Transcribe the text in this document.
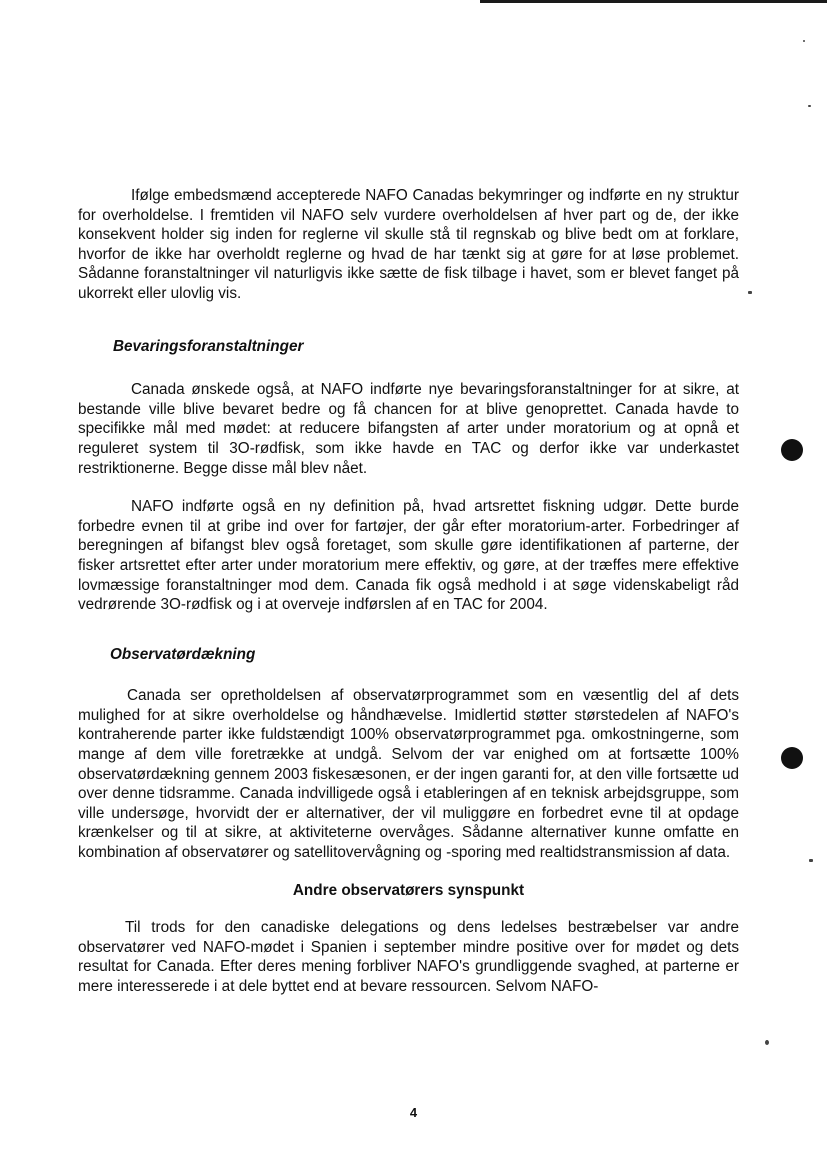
Ifølge embedsmænd accepterede NAFO Canadas bekymringer og indførte en ny struktur for overholdelse. I fremtiden vil NAFO selv vurdere overholdelsen af hver part og de, der ikke konsekvent holder sig inden for reglerne vil skulle stå til regnskab og blive bedt om at forklare, hvorfor de ikke har overholdt reglerne og hvad de har tænkt sig at gøre for at løse problemet. Sådanne foranstaltninger vil naturligvis ikke sætte de fisk tilbage i havet, som er blevet fanget på ukorrekt eller ulovlig vis.

Bevaringsforanstaltninger

Canada ønskede også, at NAFO indførte nye bevaringsforanstaltninger for at sikre, at bestande ville blive bevaret bedre og få chancen for at blive genoprettet. Canada havde to specifikke mål med mødet: at reducere bifangsten af arter under moratorium og at opnå et reguleret system til 3O-rødfisk, som ikke havde en TAC og derfor ikke var underkastet restriktionerne. Begge disse mål blev nået.

NAFO indførte også en ny definition på, hvad artsrettet fiskning udgør. Dette burde forbedre evnen til at gribe ind over for fartøjer, der går efter moratorium-arter. Forbedringer af beregningen af bifangst blev også foretaget, som skulle gøre identifikationen af parterne, der fisker artsrettet efter arter under moratorium mere effektiv, og gøre, at der træffes mere effektive lovmæssige foranstaltninger mod dem. Canada fik også medhold i at søge videnskabeligt råd vedrørende 3O-rødfisk og i at overveje indførslen af en TAC for 2004.

Observatørdækning

Canada ser opretholdelsen af observatørprogrammet som en væsentlig del af dets mulighed for at sikre overholdelse og håndhævelse. Imidlertid støtter størstedelen af NAFO's kontraherende parter ikke fuldstændigt 100% observatørprogrammet pga. omkostningerne, som mange af dem ville foretrække at undgå. Selvom der var enighed om at fortsætte 100% observatørdækning gennem 2003 fiskesæsonen, er der ingen garanti for, at den ville fortsætte ud over denne tidsramme. Canada indvilligede også i etableringen af en teknisk arbejdsgruppe, som ville undersøge, hvorvidt der er alternativer, der vil muliggøre en forbedret evne til at opdage krænkelser og til at sikre, at aktiviteterne overvåges. Sådanne alternativer kunne omfatte en kombination af observatører og satellitovervågning og -sporing med realtidstransmission af data.

Andre observatørers synspunkt

Til trods for den canadiske delegations og dens ledelses bestræbelser var andre observatører ved NAFO-mødet i Spanien i september mindre positive over for mødet og dets resultat for Canada. Efter deres mening forbliver NAFO's grundliggende svaghed, at parterne er mere interesserede i at dele byttet end at bevare ressourcen. Selvom NAFO-

4
